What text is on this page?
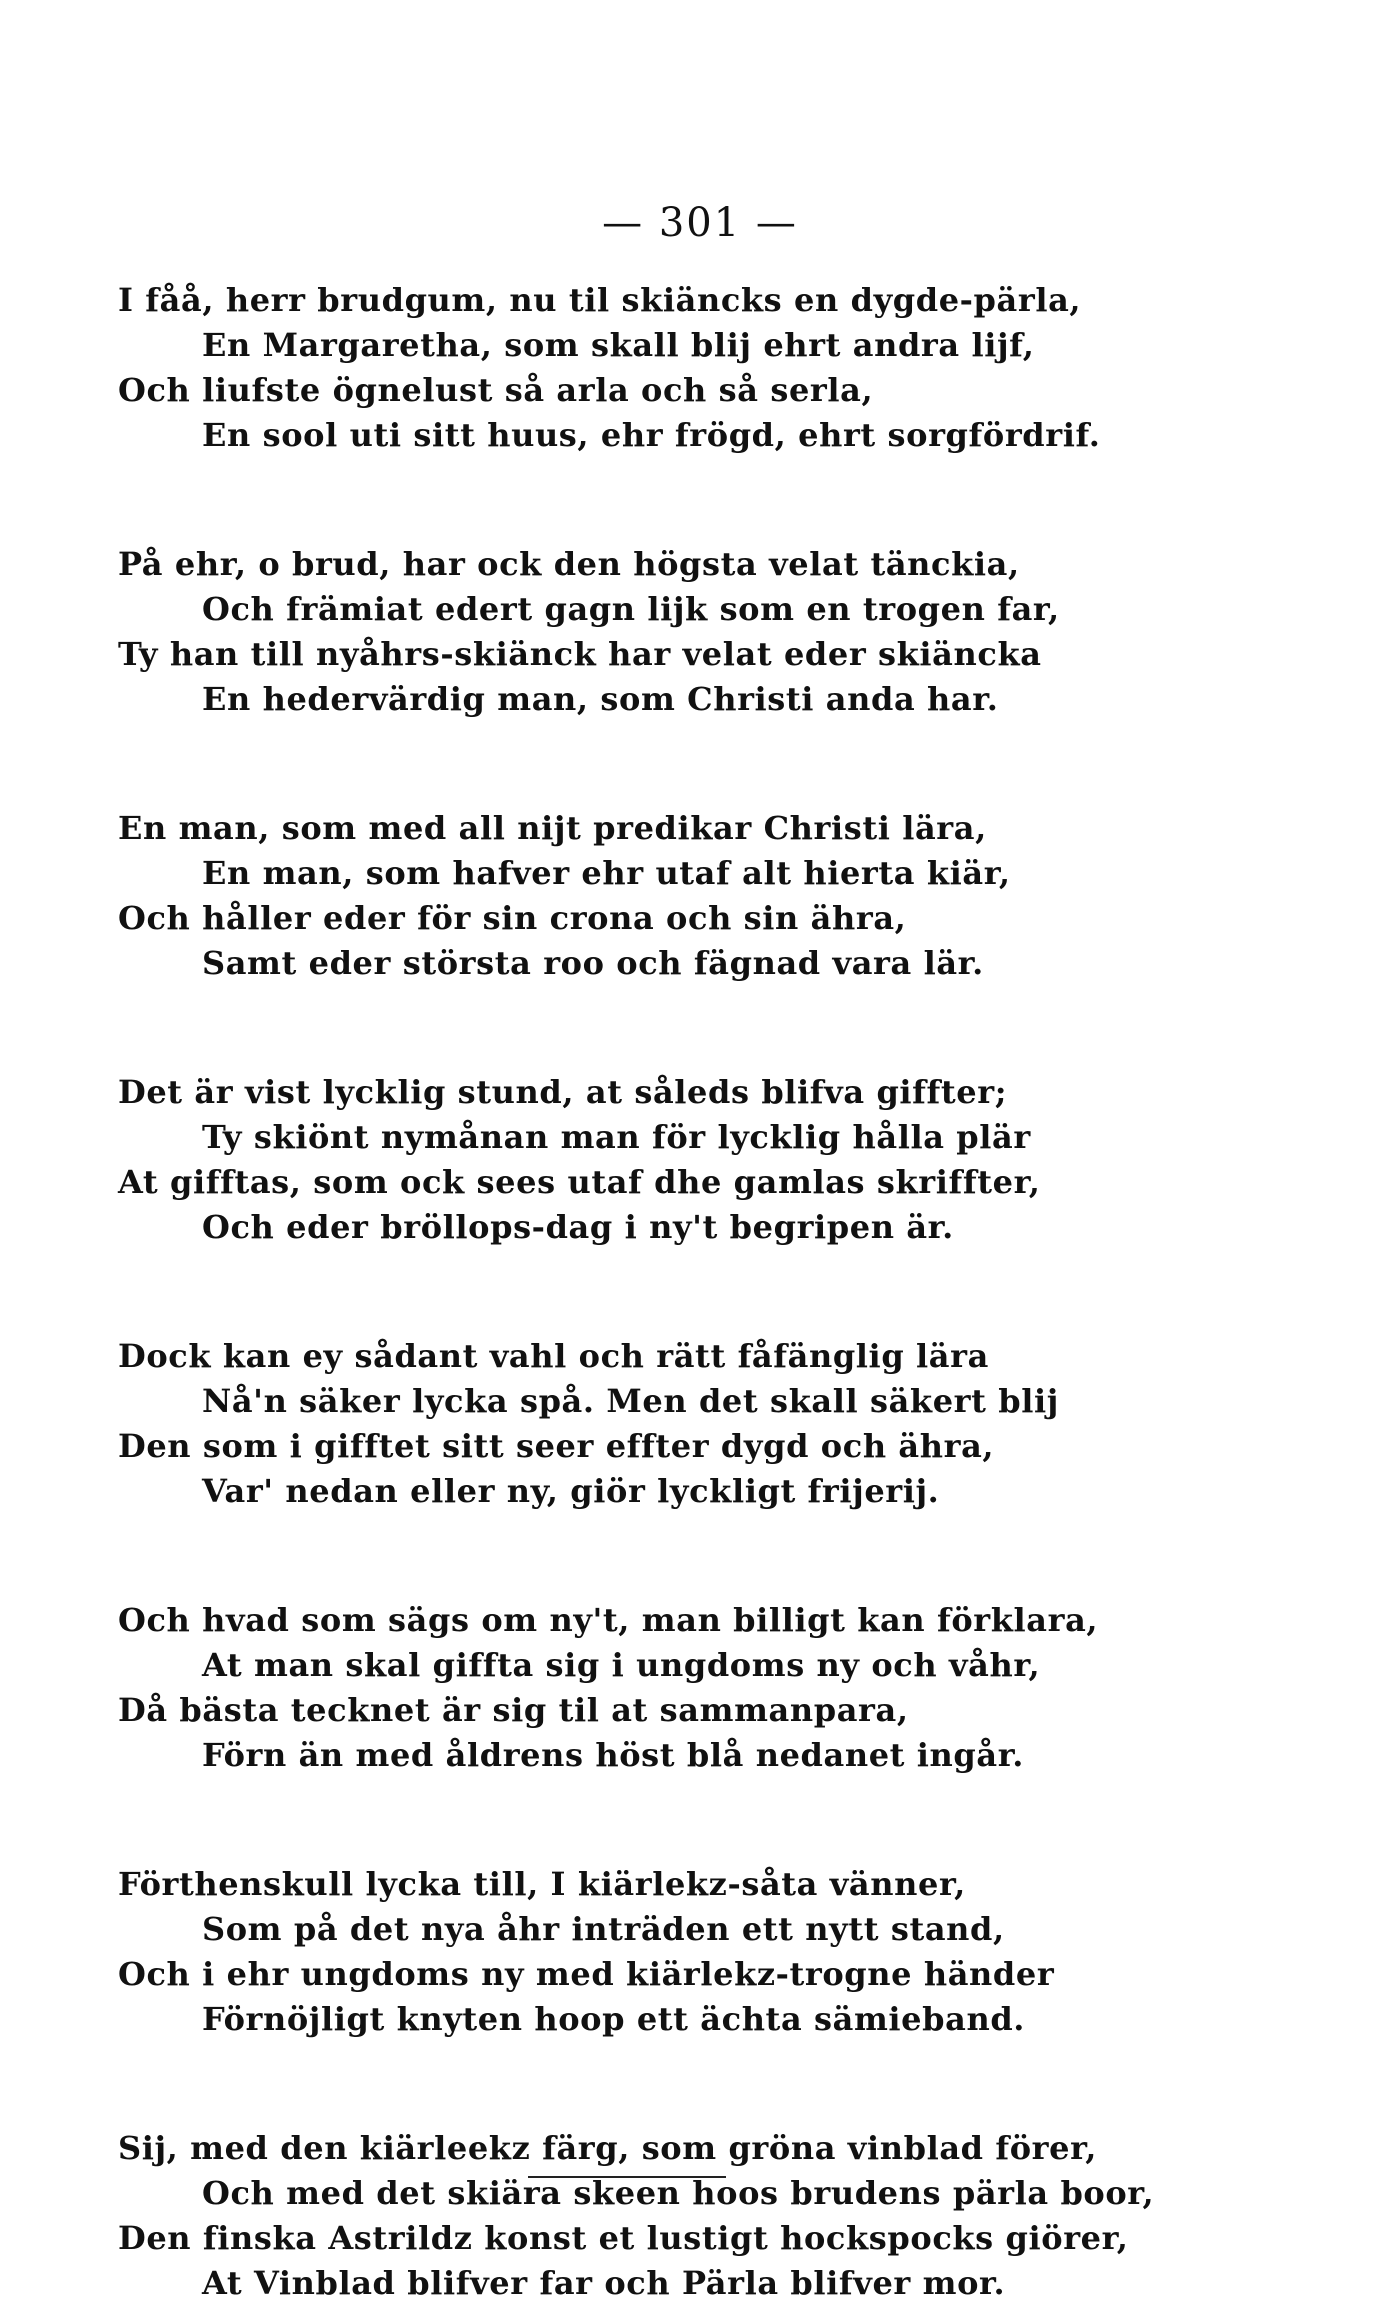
— 301 —
I fåå, herr brudgum, nu til skiäncks en dygde-pärla,
En Margaretha, som skall blij ehrt andra lijf,
Och liufste ögnelust så arla och så serla,
En sool uti sitt huus, ehr frögd, ehrt sorgfördrif.
På ehr, o brud, har ock den högsta velat tänckia,
Och främiat edert gagn lijk som en trogen far,
Ty han till nyåhrs-skiänck har velat eder skiäncka
En hedervärdig man, som Christi anda har.
En man, som med all nijt predikar Christi lära,
En man, som hafver ehr utaf alt hierta kiär,
Och håller eder för sin crona och sin ähra,
Samt eder största roo och fägnad vara lär.
Det är vist lycklig stund, at såleds blifva giffter;
Ty skiönt nymånan man för lycklig hålla plär
At gifftas, som ock sees utaf dhe gamlas skriffter,
Och eder bröllops-dag i ny't begripen är.
Dock kan ey sådant vahl och rätt fåfänglig lära
Nå'n säker lycka spå. Men det skall säkert blij
Den som i gifftet sitt seer effter dygd och ähra,
Var' nedan eller ny, giör lyckligt frijerij.
Och hvad som sägs om ny't, man billigt kan förklara,
At man skal giffta sig i ungdoms ny och våhr,
Då bästa tecknet är sig til at sammanpara,
Förn än med åldrens höst blå nedanet ingår.
Förthenskull lycka till, I kiärlekz-såta vänner,
Som på det nya åhr inträden ett nytt stand,
Och i ehr ungdoms ny med kiärlekz-trogne händer
Förnöjligt knyten hoop ett ächta sämieband.
Sij, med den kiärleekz färg, som gröna vinblad förer,
Och med det skiära skeen hoos brudens pärla boor,
Den finska Astrildz konst et lustigt hockspocks giörer,
At Vinblad blifver far och Pärla blifver mor.
